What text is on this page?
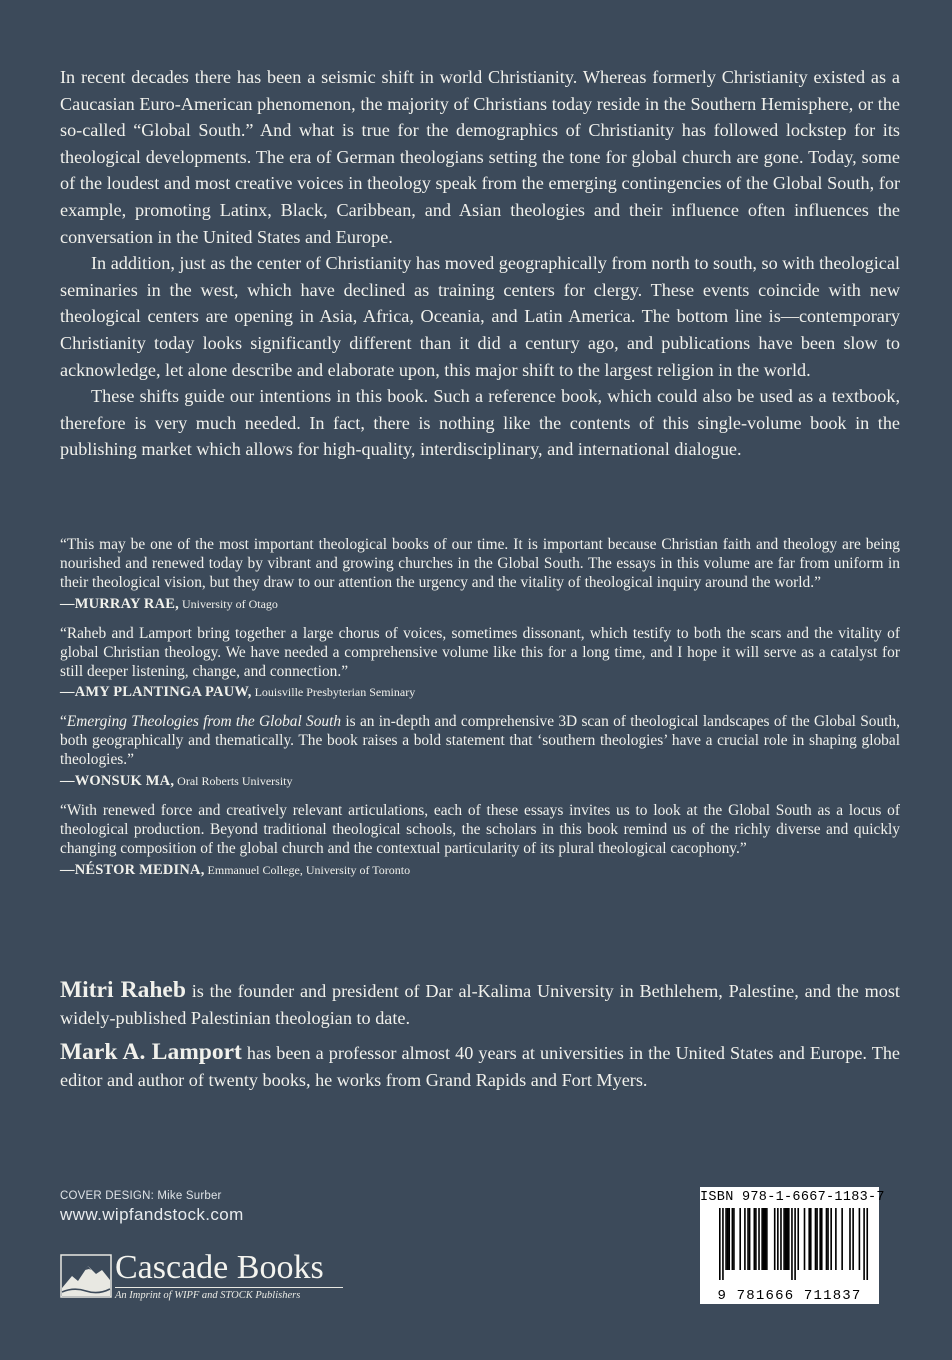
In recent decades there has been a seismic shift in world Christianity. Whereas formerly Christianity existed as a Caucasian Euro-American phenomenon, the majority of Christians today reside in the Southern Hemisphere, or the so-called “Global South.” And what is true for the demographics of Christianity has followed lockstep for its theological developments. The era of German theologians setting the tone for global church are gone. Today, some of the loudest and most creative voices in theology speak from the emerging contingencies of the Global South, for example, promoting Latinx, Black, Caribbean, and Asian theologies and their influence often influences the conversation in the United States and Europe.

In addition, just as the center of Christianity has moved geographically from north to south, so with theological seminaries in the west, which have declined as training centers for clergy. These events coincide with new theological centers are opening in Asia, Africa, Oceania, and Latin America. The bottom line is—contemporary Christianity today looks significantly different than it did a century ago, and publications have been slow to acknowledge, let alone describe and elaborate upon, this major shift to the largest religion in the world.

These shifts guide our intentions in this book. Such a reference book, which could also be used as a textbook, therefore is very much needed. In fact, there is nothing like the contents of this single-volume book in the publishing market which allows for high-quality, interdisciplinary, and international dialogue.

“This may be one of the most important theological books of our time. It is important because Christian faith and theology are being nourished and renewed today by vibrant and growing churches in the Global South. The essays in this volume are far from uniform in their theological vision, but they draw to our attention the urgency and the vitality of theological inquiry around the world.”

—MURRAY RAE, University of Otago

“Raheb and Lamport bring together a large chorus of voices, sometimes dissonant, which testify to both the scars and the vitality of global Christian theology. We have needed a comprehensive volume like this for a long time, and I hope it will serve as a catalyst for still deeper listening, change, and connection.”

—AMY PLANTINGA PAUW, Louisville Presbyterian Seminary

“Emerging Theologies from the Global South is an in-depth and comprehensive 3D scan of theological landscapes of the Global South, both geographically and thematically. The book raises a bold statement that ‘southern theologies’ have a crucial role in shaping global theologies.”

—WONSUK MA, Oral Roberts University

“With renewed force and creatively relevant articulations, each of these essays invites us to look at the Global South as a locus of theological production. Beyond traditional theological schools, the scholars in this book remind us of the richly diverse and quickly changing composition of the global church and the contextual particularity of its plural theological cacophony.”

—NÉSTOR MEDINA, Emmanuel College, University of Toronto

Mitri Raheb is the founder and president of Dar al-Kalima University in Bethlehem, Palestine, and the most widely-published Palestinian theologian to date.

Mark A. Lamport has been a professor almost 40 years at universities in the United States and Europe. The editor and author of twenty books, he works from Grand Rapids and Fort Myers.

COVER DESIGN: Mike Surber
www.wipfandstock.com
Cascade Books
An Imprint of WIPF and STOCK Publishers
ISBN 978-1-6667-1183-7
9 781666 711837
